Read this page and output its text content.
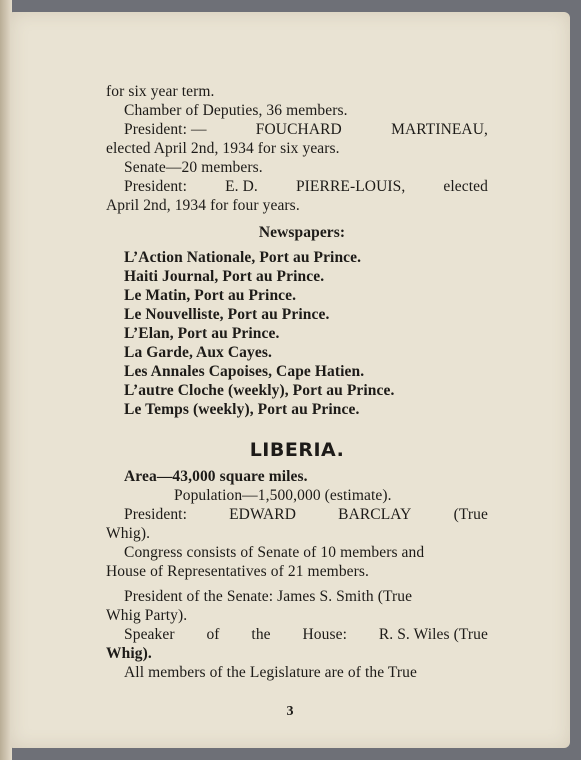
for six year term.
Chamber of Deputies, 36 members.
President: —	FOUCHARD	MARTINEAU,
elected April 2nd, 1934 for six years.
Senate—20 members.
President: E. D. PIERRE-LOUIS, elected
April 2nd, 1934 for four years.
Newspapers:
L’Action Nationale, Port au Prince.
Haiti Journal, Port au Prince.
Le Matin, Port au Prince.
Le Nouvelliste, Port au Prince.
L’Elan, Port au Prince.
La Garde, Aux Cayes.
Les Annales Capoises, Cape Hatien.
L’autre Cloche (weekly), Port au Prince.
Le Temps (weekly), Port au Prince.
LIBERIA.
Area—43,000 square miles.
Population—1,500,000 (estimate).
President:	EDWARD	BARCLAY	(True
Whig).
Congress consists of Senate of 10 members and
House of Representatives of 21 members.
President of the Senate: James S. Smith (True
Whig Party).
Speaker of the House: R. S. Wiles (True
Whig).
All members of the Legislature are of the True
3
